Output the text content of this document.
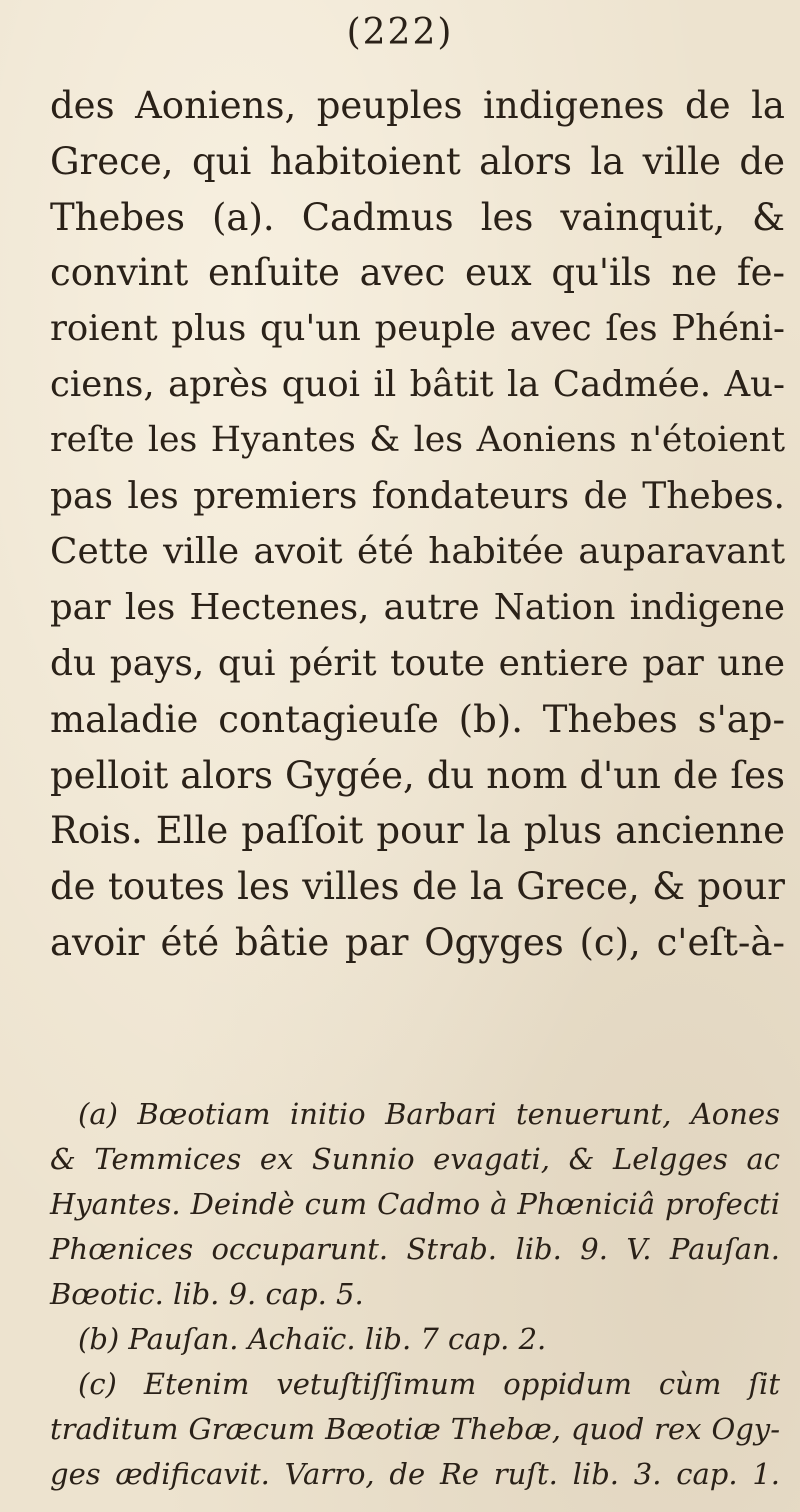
(222)
des Aoniens, peuples indigenes de la
Grece, qui habitoient alors la ville de
Thebes (a). Cadmus les vainquit, &
convint enſuite avec eux qu'ils ne fe-
roient plus qu'un peuple avec ſes Phéni-
ciens, après quoi il bâtit la Cadmée. Au-
reſte les Hyantes & les Aoniens n'étoient
pas les premiers fondateurs de Thebes.
Cette ville avoit été habitée auparavant
par les Hectenes, autre Nation indigene
du pays, qui périt toute entiere par une
maladie contagieuſe (b). Thebes s'ap-
pelloit alors Gygée, du nom d'un de ſes
Rois. Elle paſſoit pour la plus ancienne
de toutes les villes de la Grece, & pour
avoir été bâtie par Ogyges (c), c'eſt-à-
(a) Bœotiam initio Barbari tenuerunt, Aones
& Temmices ex Sunnio evagati, & Lelgges ac
Hyantes. Deindè cum Cadmo à Phœniciâ profecti
Phœnices occuparunt. Strab. lib. 9. V. Pauſan.
Bœotic. lib. 9. cap. 5.
(b) Pauſan. Achaïc. lib. 7 cap. 2.
(c) Etenim vetuſtiſſimum oppidum cùm ſit
traditum Græcum Bœotiæ Thebæ, quod rex Ogy-
ges ædificavit. Varro, de Re ruſt. lib. 3. cap. 1.
